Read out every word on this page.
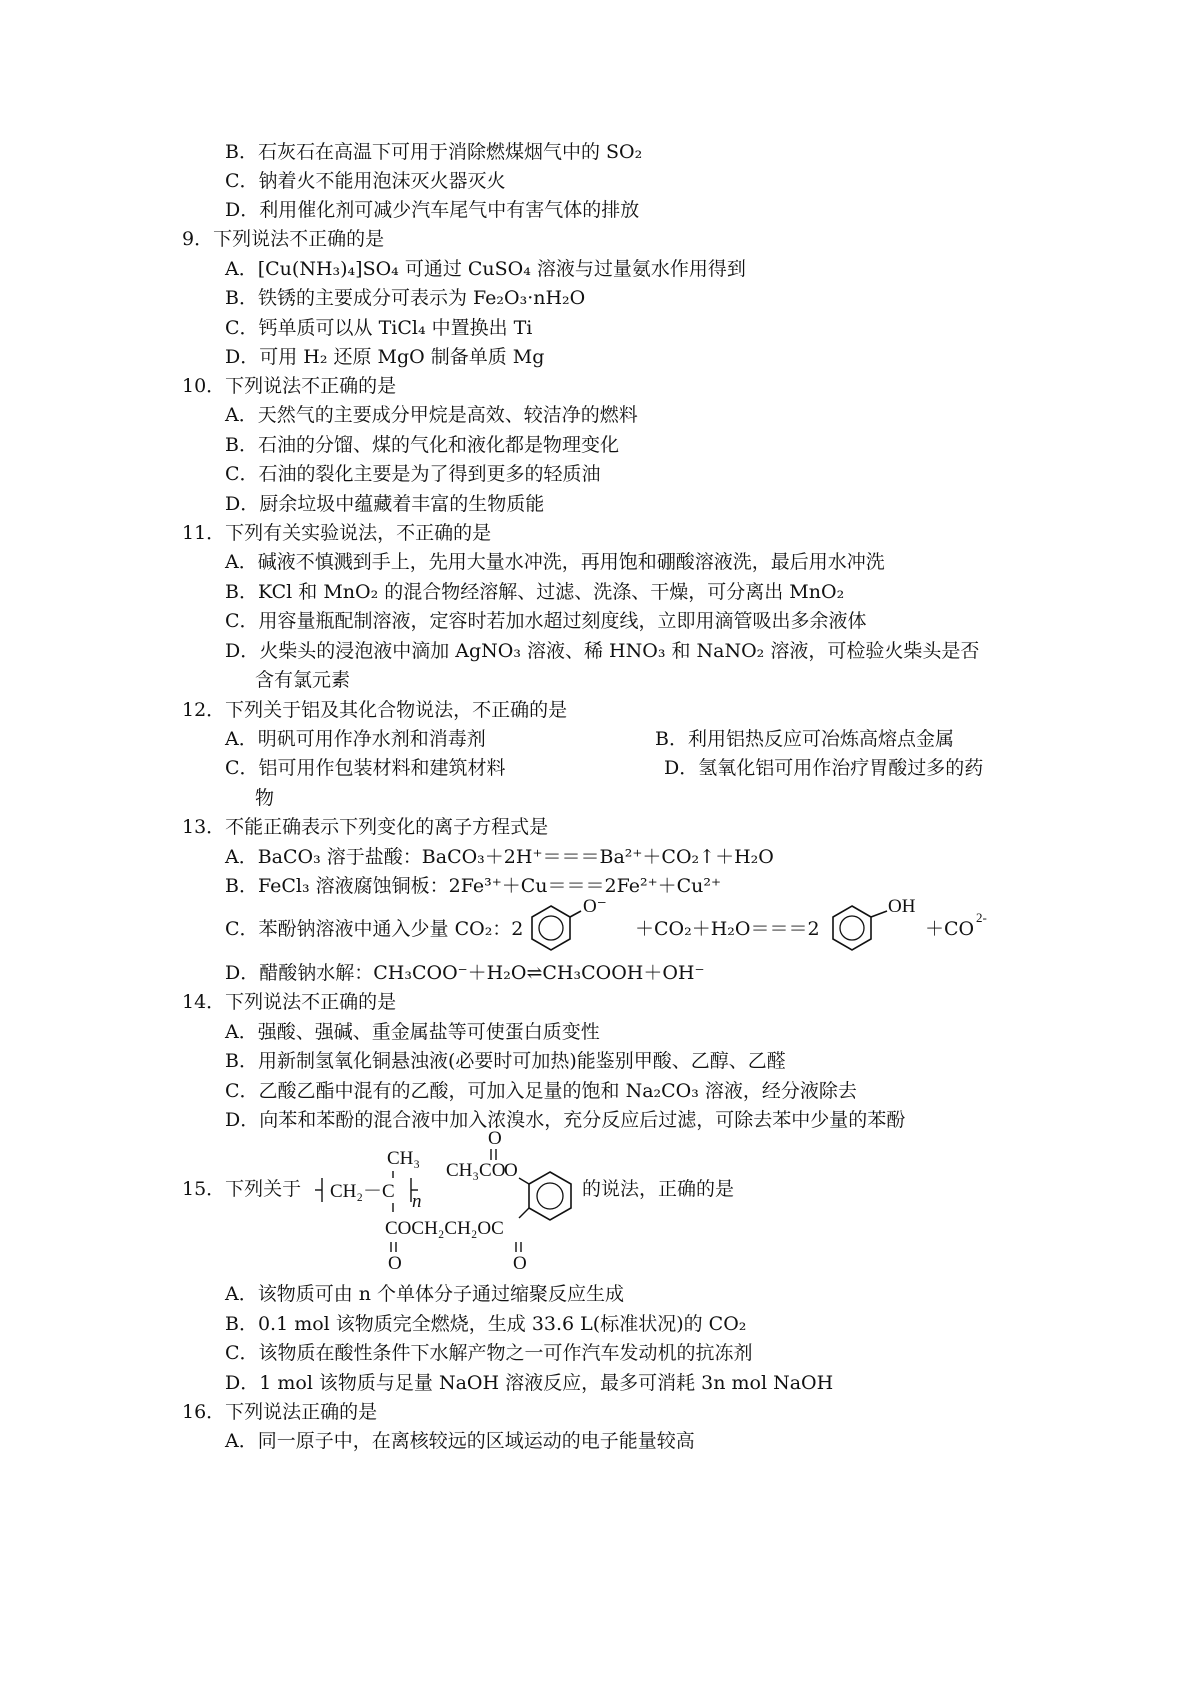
B．石灰石在高温下可用于消除燃煤烟气中的 SO₂
C．钠着火不能用泡沫灭火器灭火
D．利用催化剂可减少汽车尾气中有害气体的排放
9．下列说法不正确的是
A．[Cu(NH₃)₄]SO₄ 可通过 CuSO₄ 溶液与过量氨水作用得到
B．铁锈的主要成分可表示为 Fe₂O₃·nH₂O
C．钙单质可以从 TiCl₄ 中置换出 Ti
D．可用 H₂ 还原 MgO 制备单质 Mg
10．下列说法不正确的是
A．天然气的主要成分甲烷是高效、较洁净的燃料
B．石油的分馏、煤的气化和液化都是物理变化
C．石油的裂化主要是为了得到更多的轻质油
D．厨余垃圾中蕴藏着丰富的生物质能
11．下列有关实验说法，不正确的是
A．碱液不慎溅到手上，先用大量水冲洗，再用饱和硼酸溶液洗，最后用水冲洗
B．KCl 和 MnO₂ 的混合物经溶解、过滤、洗涤、干燥，可分离出 MnO₂
C．用容量瓶配制溶液，定容时若加水超过刻度线，立即用滴管吸出多余液体
D．火柴头的浸泡液中滴加 AgNO₃ 溶液、稀 HNO₃ 和 NaNO₂ 溶液，可检验火柴头是否
含有氯元素
12．下列关于铝及其化合物说法，不正确的是
A．明矾可用作净水剂和消毒剂	B．利用铝热反应可冶炼高熔点金属
C．铝可用作包装材料和建筑材料	D．氢氧化铝可用作治疗胃酸过多的药
物
13．不能正确表示下列变化的离子方程式是
A．BaCO₃ 溶于盐酸：BaCO₃＋2H⁺＝＝＝Ba²⁺＋CO₂↑＋H₂O
B．FeCl₃ 溶液腐蚀铜板：2Fe³⁺＋Cu＝＝＝2Fe²⁺＋Cu²⁺
C．苯酚钠溶液中通入少量 CO₂：2
O⁻	OH
2-
＋CO₂＋H₂O＝＝＝2	＋CO
D．醋酸钠水解：CH₃COO⁻＋H₂O⇌CH₃COOH＋OH⁻
14．下列说法不正确的是
A．强酸、强碱、重金属盐等可使蛋白质变性
B．用新制氢氧化铜悬浊液(必要时可加热)能鉴别甲酸、乙醇、乙醛
C．乙酸乙酯中混有的乙酸，可加入足量的饱和 Na₂CO₃ 溶液，经分液除去
D．向苯和苯酚的混合液中加入浓溴水，充分反应后过滤，可除去苯中少量的苯酚
15．下列关于
CH₃
CH₂－C n
COCH₂CH₂OC
O	O
O
CH₃CO
O
的说法，正确的是
A．该物质可由 n 个单体分子通过缩聚反应生成
B．0.1 mol 该物质完全燃烧，生成 33.6 L(标准状况)的 CO₂
C．该物质在酸性条件下水解产物之一可作汽车发动机的抗冻剂
D．1 mol 该物质与足量 NaOH 溶液反应，最多可消耗 3n mol NaOH
16．下列说法正确的是
A．同一原子中，在离核较远的区域运动的电子能量较高
